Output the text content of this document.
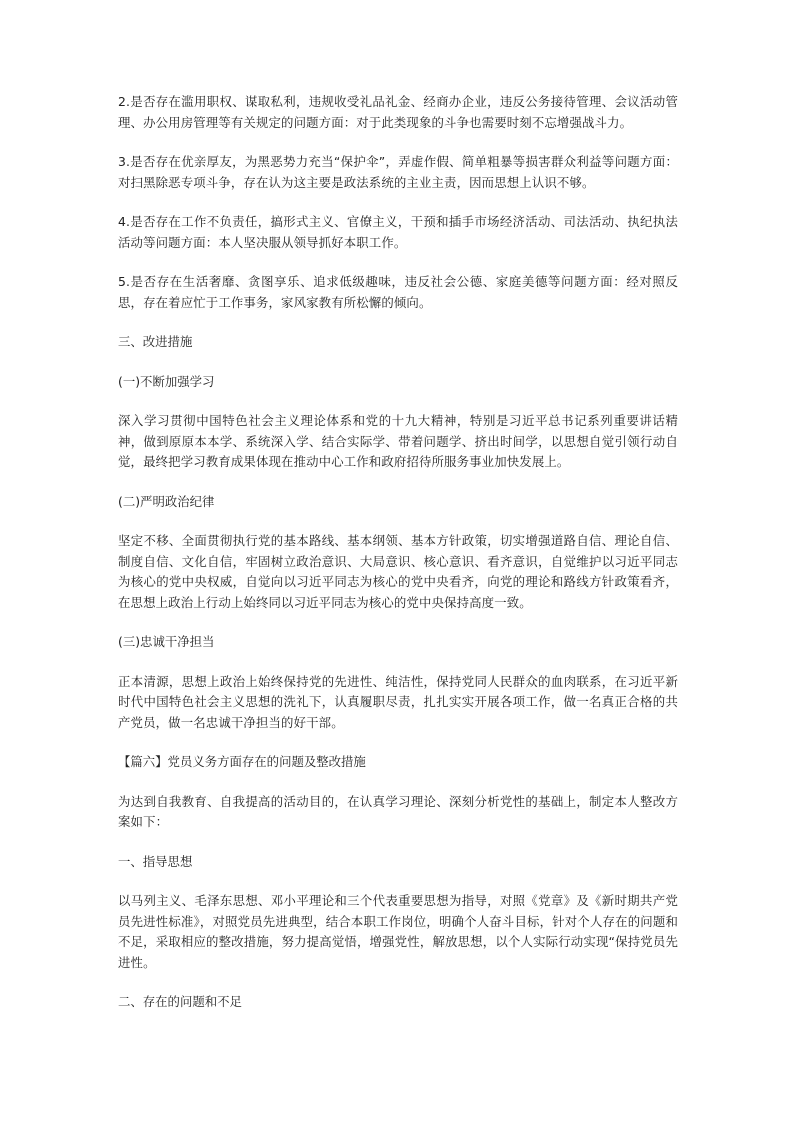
2.是否存在滥用职权、谋取私利，违规收受礼品礼金、经商办企业，违反公务接待管理、会议活动管理、办公用房管理等有关规定的问题方面：对于此类现象的斗争也需要时刻不忘增强战斗力。

3.是否存在优亲厚友，为黑恶势力充当“保护伞”，弄虚作假、简单粗暴等损害群众利益等问题方面：对扫黑除恶专项斗争，存在认为这主要是政法系统的主业主责，因而思想上认识不够。

4.是否存在工作不负责任，搞形式主义、官僚主义，干预和插手市场经济活动、司法活动、执纪执法活动等问题方面：本人坚决服从领导抓好本职工作。

5.是否存在生活奢靡、贪图享乐、追求低级趣味，违反社会公德、家庭美德等问题方面：经对照反思，存在着应忙于工作事务，家风家教有所松懈的倾向。

三、改进措施

(一)不断加强学习

深入学习贯彻中国特色社会主义理论体系和党的十九大精神，特别是习近平总书记系列重要讲话精神，做到原原本本学、系统深入学、结合实际学、带着问题学、挤出时间学，以思想自觉引领行动自觉，最终把学习教育成果体现在推动中心工作和政府招待所服务事业加快发展上。

(二)严明政治纪律

坚定不移、全面贯彻执行党的基本路线、基本纲领、基本方针政策，切实增强道路自信、理论自信、制度自信、文化自信，牢固树立政治意识、大局意识、核心意识、看齐意识，自觉维护以习近平同志为核心的党中央权威，自觉向以习近平同志为核心的党中央看齐，向党的理论和路线方针政策看齐，在思想上政治上行动上始终同以习近平同志为核心的党中央保持高度一致。

(三)忠诚干净担当

正本清源，思想上政治上始终保持党的先进性、纯洁性，保持党同人民群众的血肉联系，在习近平新时代中国特色社会主义思想的洗礼下，认真履职尽责，扎扎实实开展各项工作，做一名真正合格的共产党员，做一名忠诚干净担当的好干部。

【篇六】党员义务方面存在的问题及整改措施

为达到自我教育、自我提高的活动目的，在认真学习理论、深刻分析党性的基础上，制定本人整改方案如下：

一、指导思想

以马列主义、毛泽东思想、邓小平理论和三个代表重要思想为指导，对照《党章》及《新时期共产党员先进性标准》，对照党员先进典型，结合本职工作岗位，明确个人奋斗目标，针对个人存在的问题和不足，采取相应的整改措施，努力提高觉悟，增强党性，解放思想，以个人实际行动实现“保持党员先进性。

二、存在的问题和不足
